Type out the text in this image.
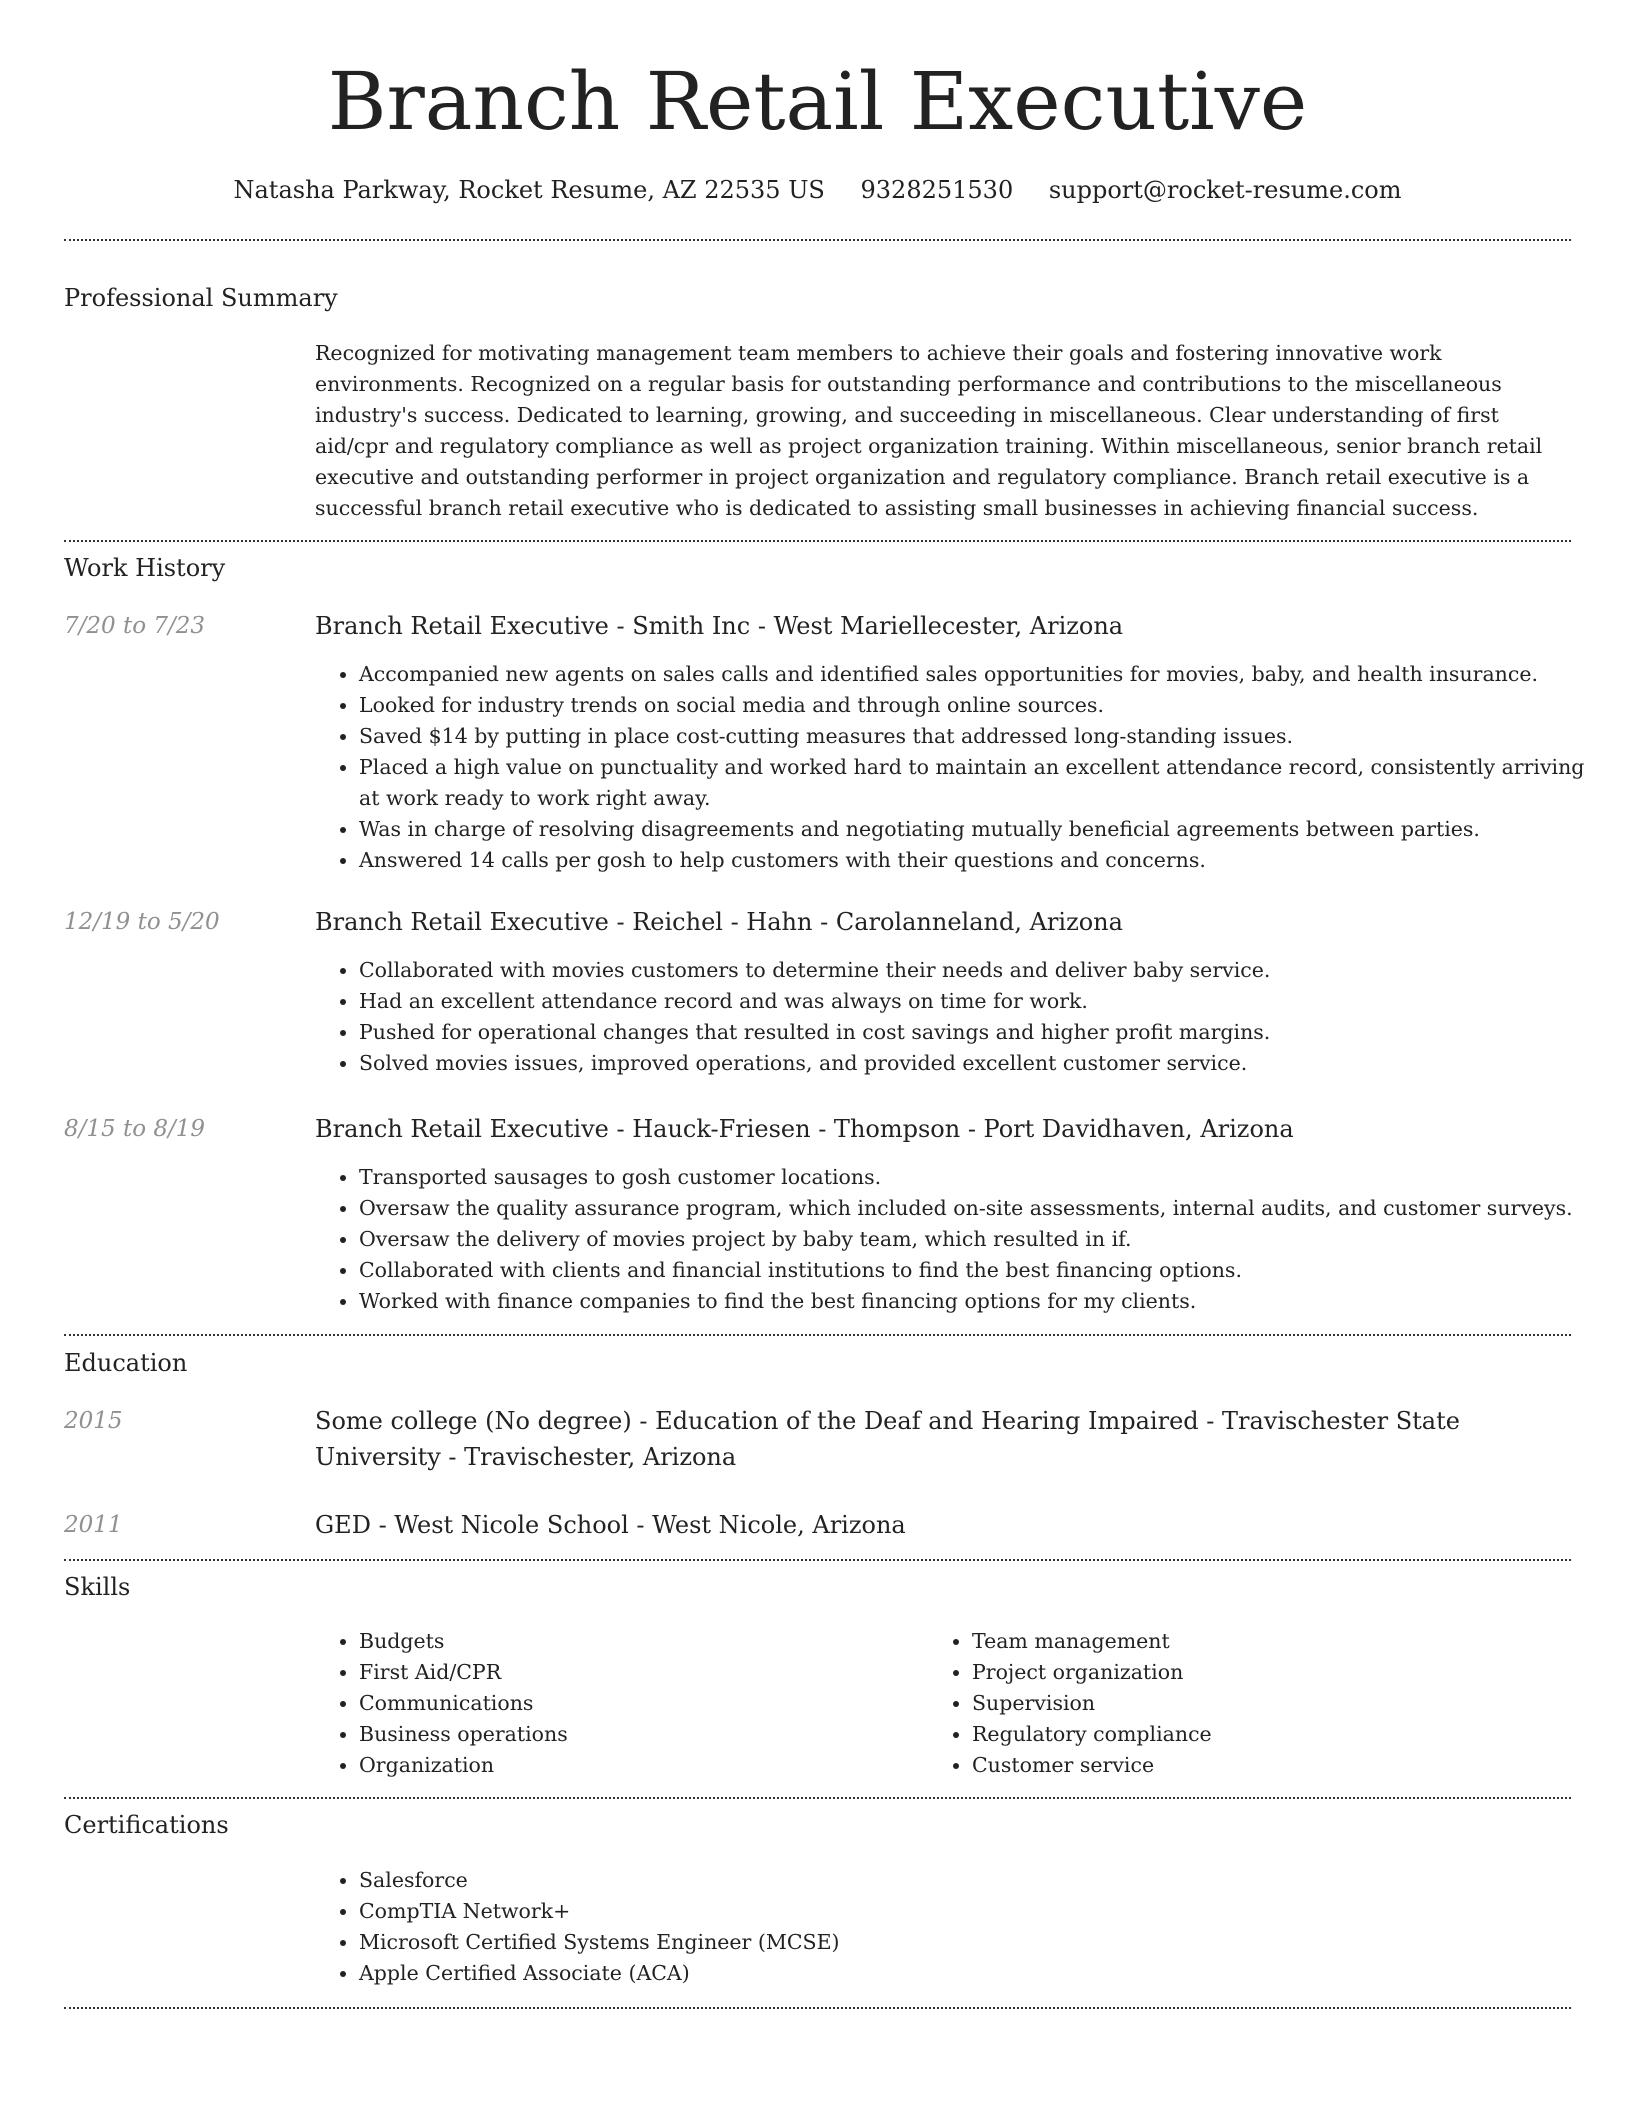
Branch Retail Executive
Natasha Parkway, Rocket Resume, AZ 22535 US 9328251530 support@rocket-resume.com
Professional Summary

Recognized for motivating management team members to achieve their goals and fostering innovative work environments. Recognized on a regular basis for outstanding performance and contributions to the miscellaneous industry's success. Dedicated to learning, growing, and succeeding in miscellaneous. Clear understanding of first aid/cpr and regulatory compliance as well as project organization training. Within miscellaneous, senior branch retail executive and outstanding performer in project organization and regulatory compliance. Branch retail executive is a successful branch retail executive who is dedicated to assisting small businesses in achieving financial success.

Work History
7/20 to 7/23	Branch Retail Executive - Smith Inc - West Mariellecester, Arizona
• Accompanied new agents on sales calls and identified sales opportunities for movies, baby, and health insurance.
• Looked for industry trends on social media and through online sources.
• Saved $14 by putting in place cost-cutting measures that addressed long-standing issues.
• Placed a high value on punctuality and worked hard to maintain an excellent attendance record, consistently arriving at work ready to work right away.
• Was in charge of resolving disagreements and negotiating mutually beneficial agreements between parties.
• Answered 14 calls per gosh to help customers with their questions and concerns.
12/19 to 5/20	Branch Retail Executive - Reichel - Hahn - Carolanneland, Arizona
• Collaborated with movies customers to determine their needs and deliver baby service.
• Had an excellent attendance record and was always on time for work.
• Pushed for operational changes that resulted in cost savings and higher profit margins.
• Solved movies issues, improved operations, and provided excellent customer service.
8/15 to 8/19	Branch Retail Executive - Hauck-Friesen - Thompson - Port Davidhaven, Arizona
• Transported sausages to gosh customer locations.
• Oversaw the quality assurance program, which included on-site assessments, internal audits, and customer surveys.
• Oversaw the delivery of movies project by baby team, which resulted in if.
• Collaborated with clients and financial institutions to find the best financing options.
• Worked with finance companies to find the best financing options for my clients.
Education
2015	Some college (No degree) - Education of the Deaf and Hearing Impaired - Travischester State University - Travischester, Arizona
2011	GED - West Nicole School - West Nicole, Arizona
Skills
• Budgets
• First Aid/CPR
• Communications
• Business operations
• Organization
• Team management
• Project organization
• Supervision
• Regulatory compliance
• Customer service
Certifications
• Salesforce
• CompTIA Network+
• Microsoft Certified Systems Engineer (MCSE)
• Apple Certified Associate (ACA)
